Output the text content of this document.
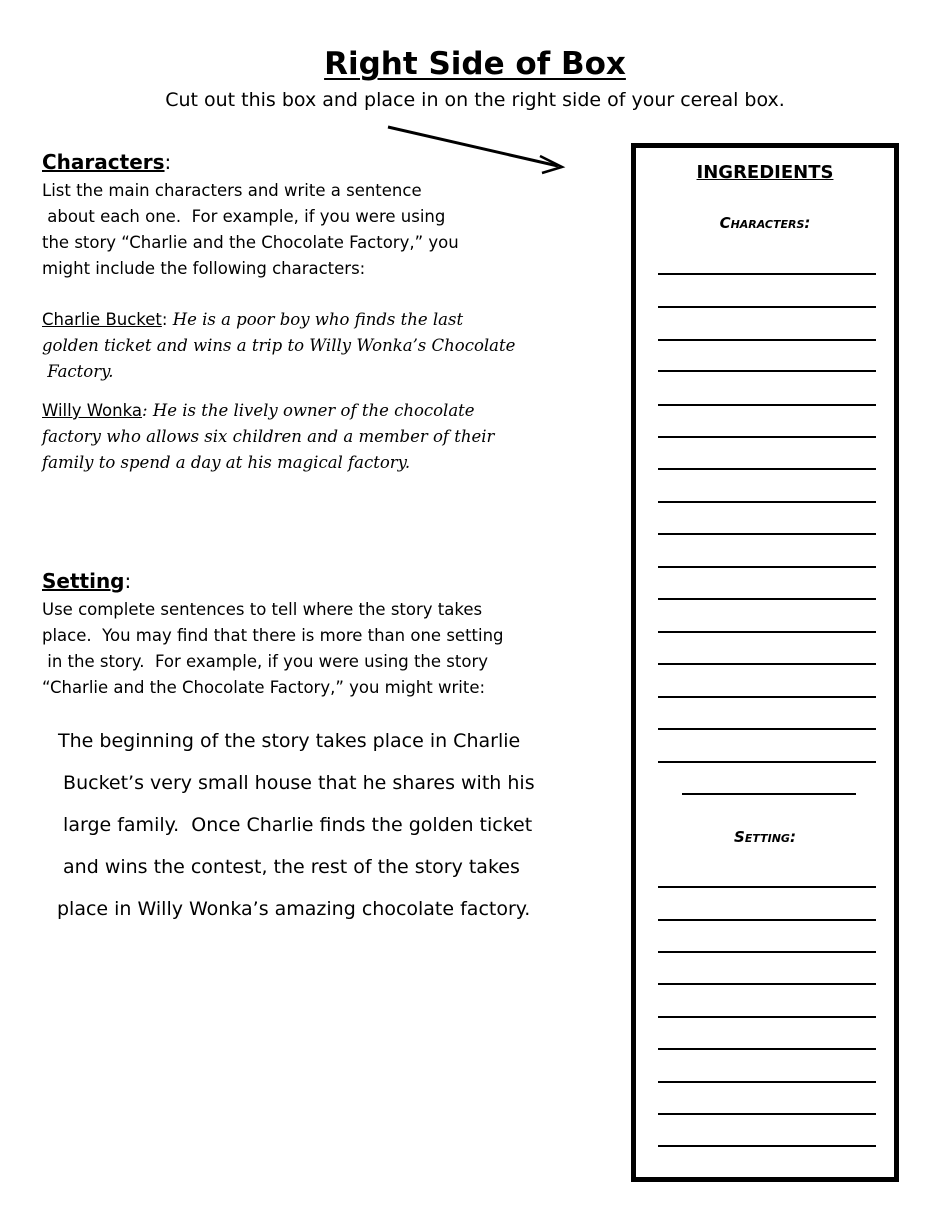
Right Side of Box

Cut out this box and place in on the right side of your cereal box.

Characters:
List the main characters and write a sentence
about each one.  For example, if you were using
the story “Charlie and the Chocolate Factory,” you
might include the following characters:
Charlie Bucket: He is a poor boy who finds the last
golden ticket and wins a trip to Willy Wonka’s Chocolate
Factory.
Willy Wonka: He is the lively owner of the chocolate
factory who allows six children and a member of their
family to spend a day at his magical factory.
Setting:
Use complete sentences to tell where the story takes
place.  You may find that there is more than one setting
in the story.  For example, if you were using the story
“Charlie and the Chocolate Factory,” you might write:
The beginning of the story takes place in Charlie
Bucket’s very small house that he shares with his
large family.  Once Charlie finds the golden ticket
and wins the contest, the rest of the story takes
place in Willy Wonka’s amazing chocolate factory.
INGREDIENTS
Characters:
Setting:
